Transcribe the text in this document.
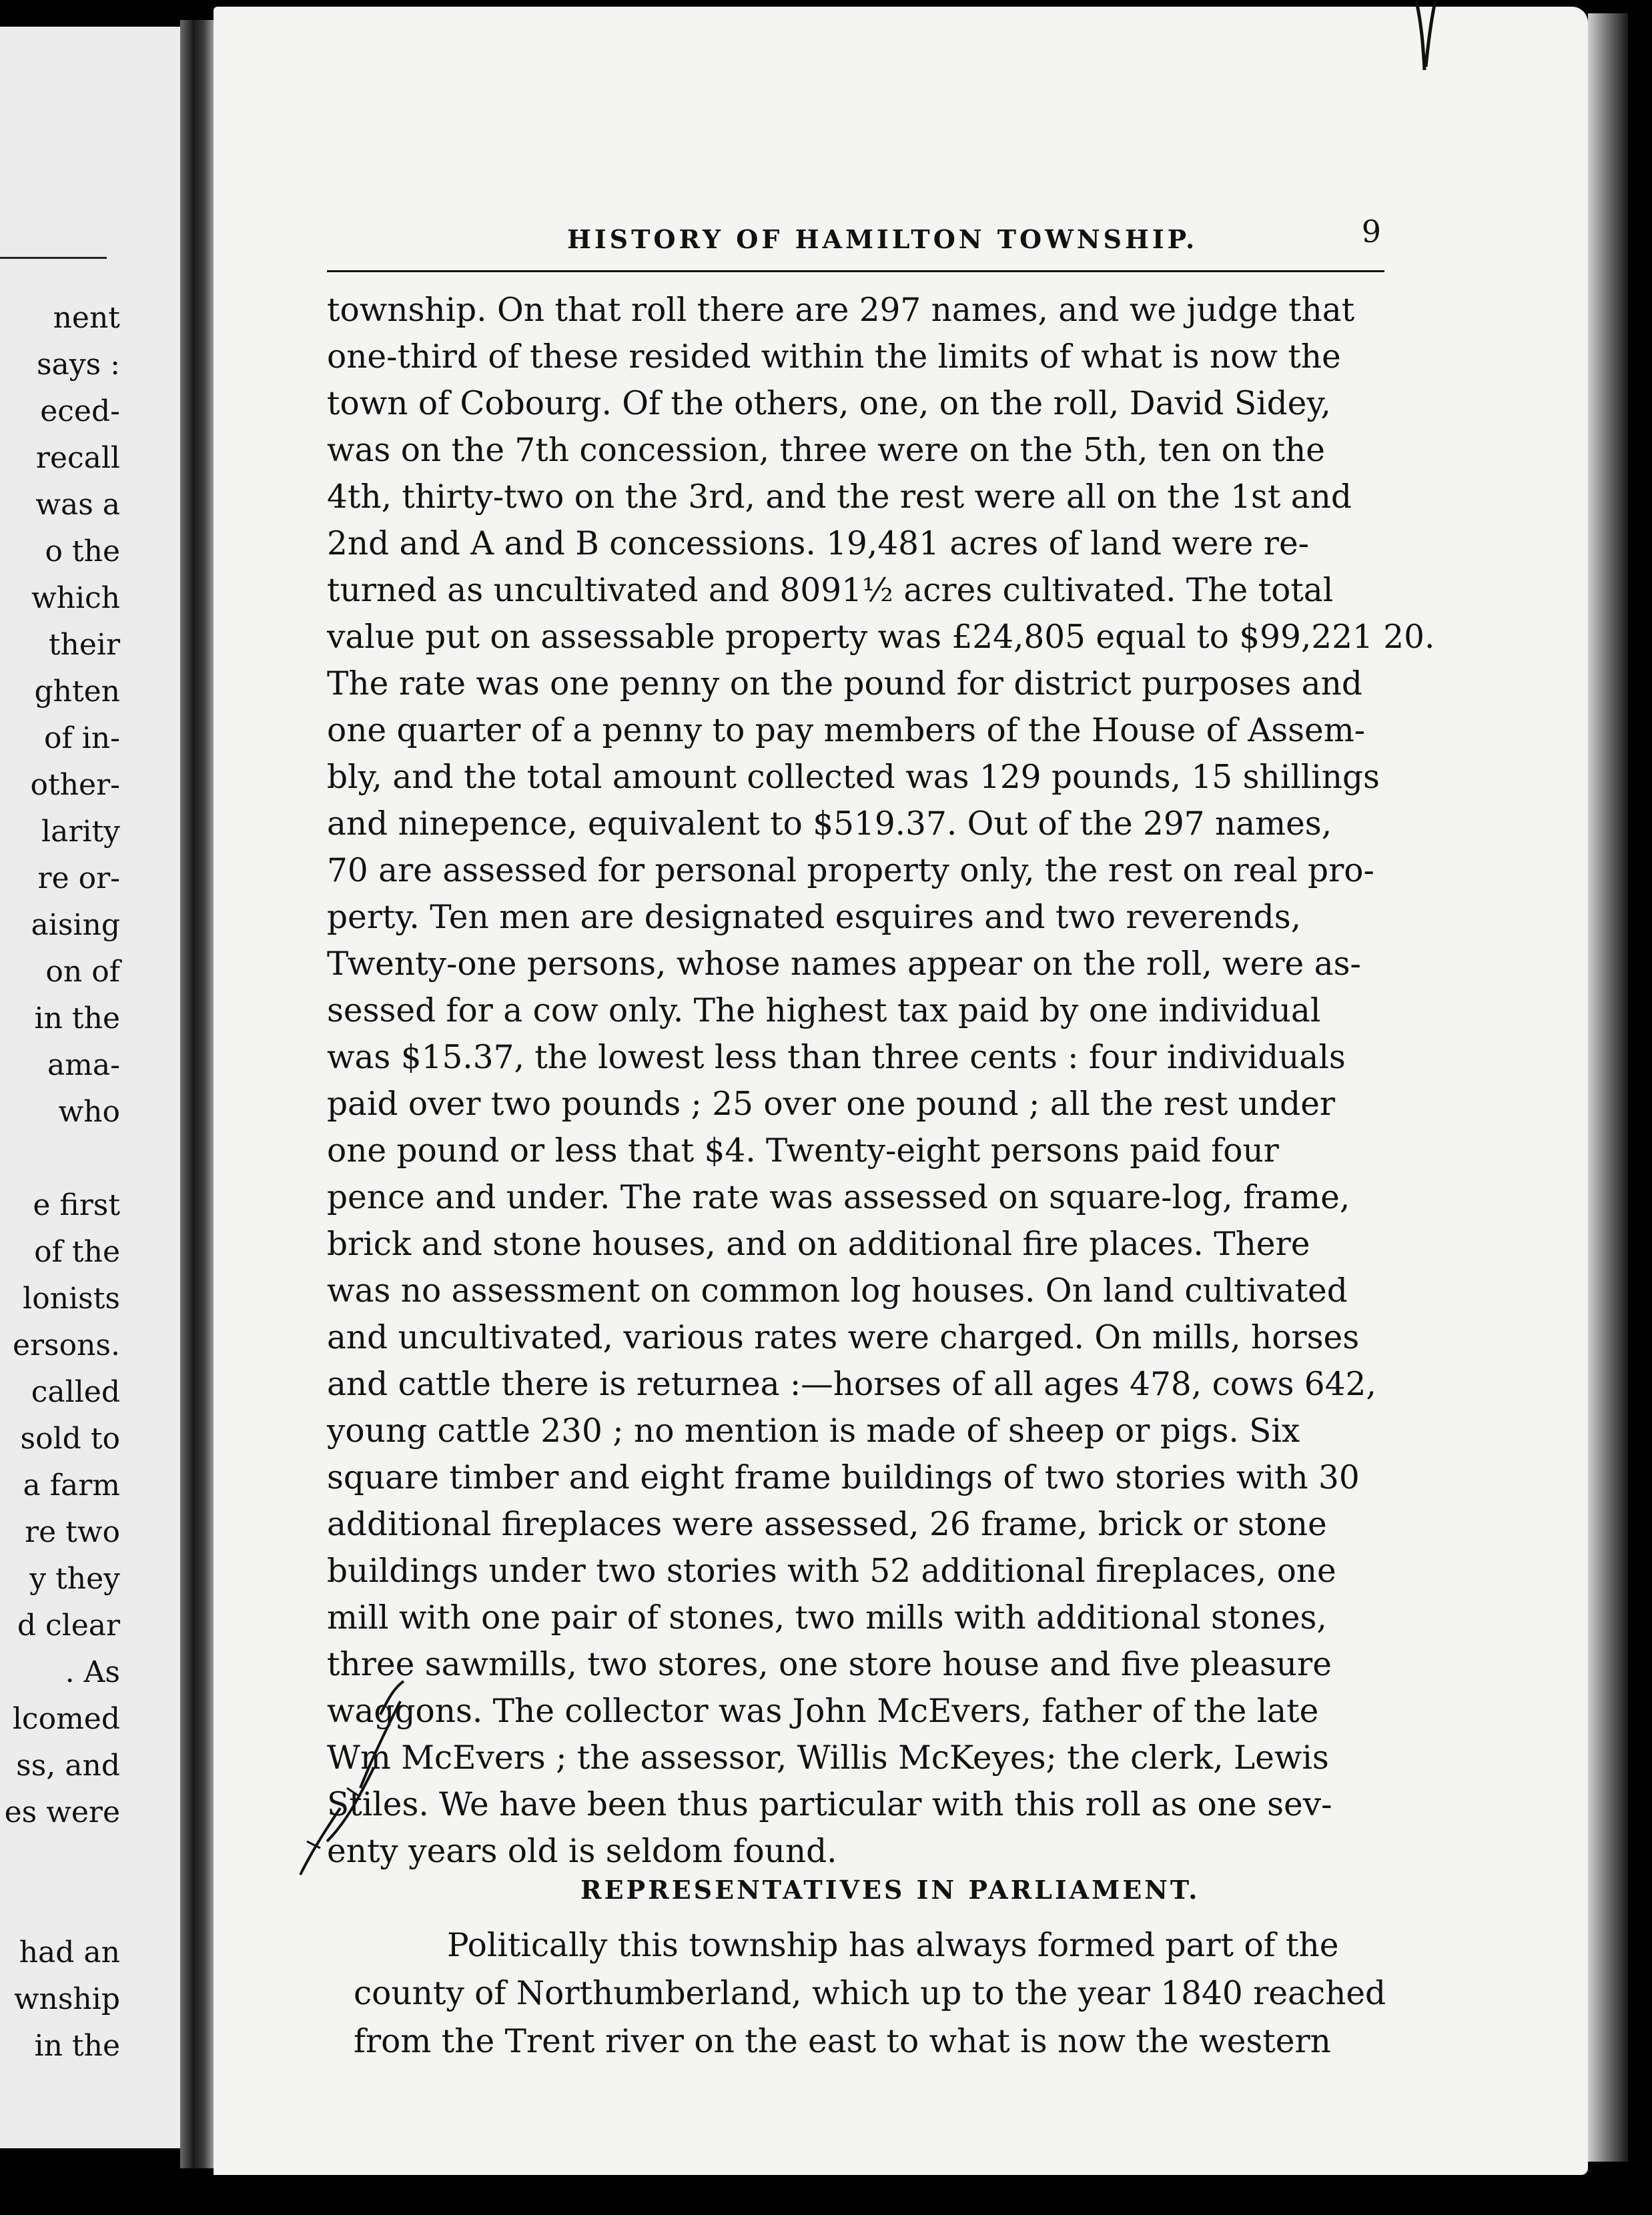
nent
says :
eced-
recall
was a
o the
which
their
ghten
of in-
other-
larity
re or-
aising
on of
in the
amа-
who
e first
of the
lonists
ersons.
called
sold to
a farm
re two
y they
d clear
. As
lcomed
ss, and
es were
had an
wnship
in the
HISTORY OF HAMILTON TOWNSHIP.	9
township. On that roll there are 297 names, and we judge that
one-third of these resided within the limits of what is now the
town of Cobourg. Of the others, one, on the roll, David Sidey,
was on the 7th concession, three were on the 5th, ten on the
4th, thirty-two on the 3rd, and the rest were all on the 1st and
2nd and A and B concessions. 19,481 acres of land were re-
turned as uncultivated and 8091½ acres cultivated. The total
value put on assessable property was £24,805 equal to $99,221 20.
The rate was one penny on the pound for district purposes and
one quarter of a penny to pay members of the House of Assem-
bly, and the total amount collected was 129 pounds, 15 shillings
and ninepence, equivalent to $519.37. Out of the 297 names,
70 are assessed for personal property only, the rest on real pro-
perty. Ten men are designated esquires and two reverends,
Twenty-one persons, whose names appear on the roll, were as-
sessed for a cow only. The highest tax paid by one individual
was $15.37, the lowest less than three cents : four individuals
paid over two pounds ; 25 over one pound ; all the rest under
one pound or less that $4. Twenty-eight persons paid four
pence and under. The rate was assessed on square-log, frame,
brick and stone houses, and on additional fire places. There
was no assessment on common log houses. On land cultivated
and uncultivated, various rates were charged. On mills, horses
and cattle there is returnea :—horses of all ages 478, cows 642,
young cattle 230 ; no mention is made of sheep or pigs. Six
square timber and eight frame buildings of two stories with 30
additional fireplaces were assessed, 26 frame, brick or stone
buildings under two stories with 52 additional fireplaces, one
mill with one pair of stones, two mills with additional stones,
three sawmills, two stores, one store house and five pleasure
waggons. The collector was John McEvers, father of the late
Wm McEvers ; the assessor, Willis McKeyes; the clerk, Lewis
Stiles. We have been thus particular with this roll as one sev-
enty years old is seldom found.
REPRESENTATIVES IN PARLIAMENT.
Politically this township has always formed part of the
county of Northumberland, which up to the year 1840 reached
from the Trent river on the east to what is now the western
